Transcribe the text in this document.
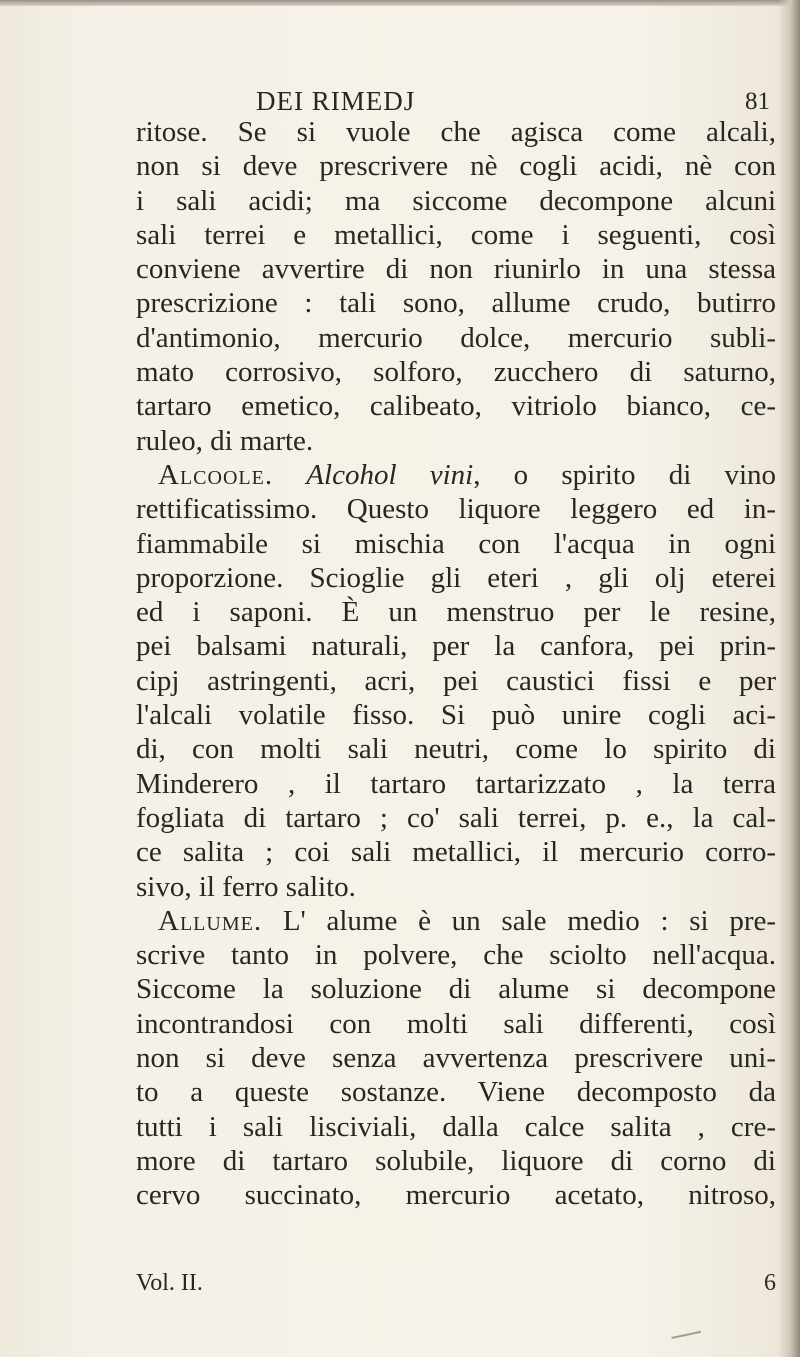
DEI RIMEDJ	81
ritose. Se si vuole che agisca come alcali,
non si deve prescrivere nè cogli acidi, nè con
i sali acidi; ma siccome decompone alcuni
sali terrei e metallici, come i seguenti, così
conviene avvertire di non riunirlo in una stessa
prescrizione : tali sono, allume crudo, butirro
d'antimonio, mercurio dolce, mercurio subli-
mato corrosivo, solforo, zucchero di saturno,
tartaro emetico, calibeato, vitriolo bianco, ce-
ruleo, di marte.
Alcoole. Alcohol vini, o spirito di vino
rettificatissimo. Questo liquore leggero ed in-
fiammabile si mischia con l'acqua in ogni
proporzione. Scioglie gli eteri , gli olj eterei
ed i saponi. È un menstruo per le resine,
pei balsami naturali, per la canfora, pei prin-
cipj astringenti, acri, pei caustici fissi e per
l'alcali volatile fisso. Si può unire cogli aci-
di, con molti sali neutri, come lo spirito di
Minderero , il tartaro tartarizzato , la terra
fogliata di tartaro ; co' sali terrei, p. e., la cal-
ce salita ; coi sali metallici, il mercurio corro-
sivo, il ferro salito.
Allume. L' alume è un sale medio : si pre-
scrive tanto in polvere, che sciolto nell'acqua.
Siccome la soluzione di alume si decompone
incontrandosi con molti sali differenti, così
non si deve senza avvertenza prescrivere uni-
to a queste sostanze. Viene decomposto da
tutti i sali lisciviali, dalla calce salita , cre-
more di tartaro solubile, liquore di corno di
cervo succinato, mercurio acetato, nitroso,
Vol. II.	6
